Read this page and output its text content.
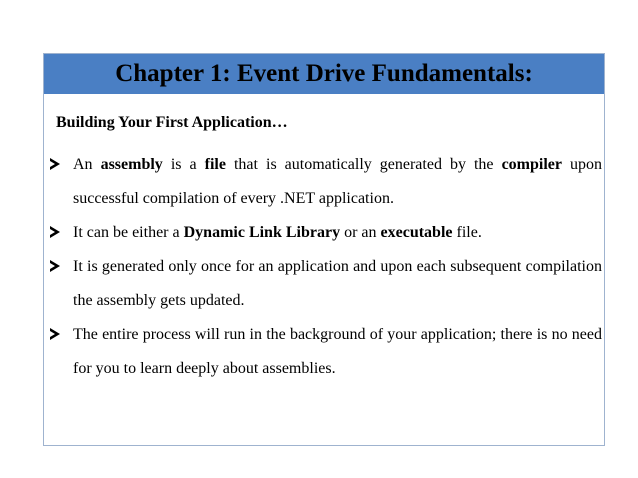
Chapter 1: Event Drive Fundamentals:
Building Your First Application…
An assembly is a file that is automatically generated by the compiler upon successful compilation of every .NET application.
It can be either a Dynamic Link Library or an executable file.
It is generated only once for an application and upon each subsequent compilation the assembly gets updated.
The entire process will run in the background of your application; there is no need for you to learn deeply about assemblies.
